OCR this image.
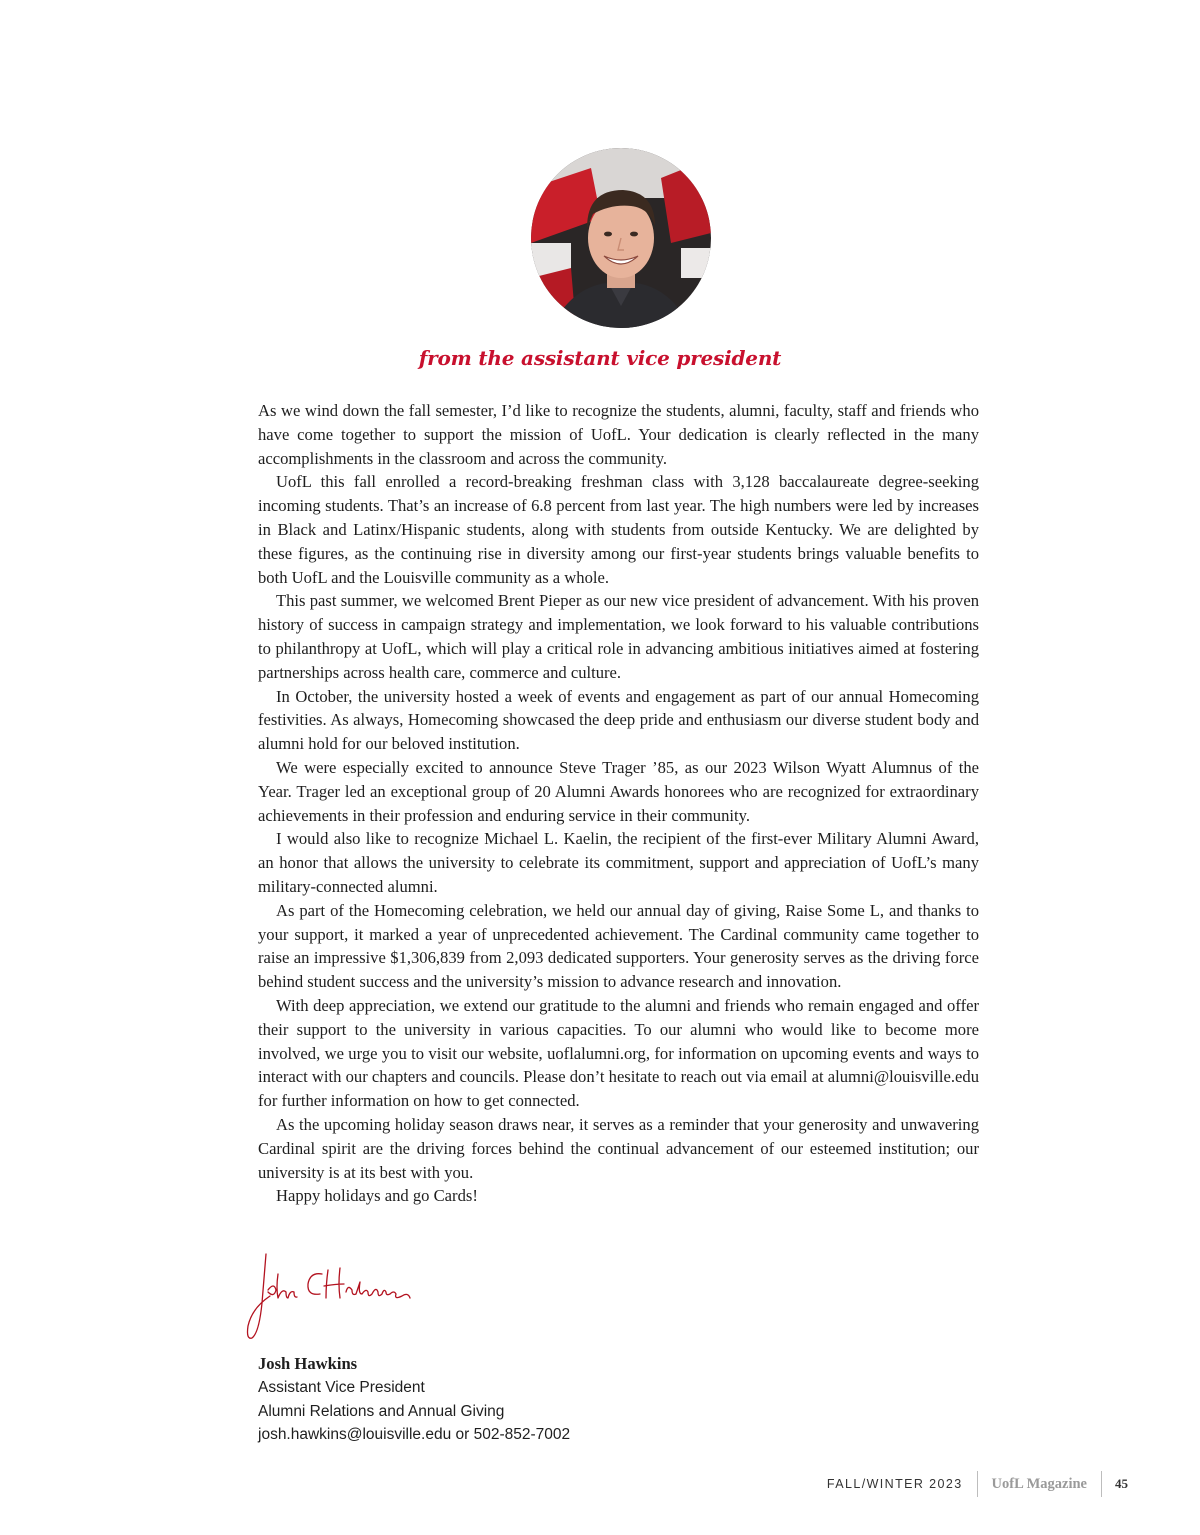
from the assistant vice president

As we wind down the fall semester, I’d like to recognize the students, alumni, faculty, staff and friends who have come together to support the mission of UofL. Your dedication is clearly reflected in the many accomplishments in the classroom and across the community.

UofL this fall enrolled a record-breaking freshman class with 3,128 baccalaureate degree-seeking incoming students. That’s an increase of 6.8 percent from last year. The high numbers were led by increases in Black and Latinx/Hispanic students, along with students from outside Kentucky. We are delighted by these figures, as the continuing rise in diversity among our first-year students brings valuable benefits to both UofL and the Louisville community as a whole.

This past summer, we welcomed Brent Pieper as our new vice president of advancement. With his proven history of success in campaign strategy and implementation, we look forward to his valuable contributions to philanthropy at UofL, which will play a critical role in advancing ambitious initiatives aimed at fostering partnerships across health care, commerce and culture.

In October, the university hosted a week of events and engagement as part of our annual Homecoming festivities. As always, Homecoming showcased the deep pride and enthusiasm our diverse student body and alumni hold for our beloved institution.

We were especially excited to announce Steve Trager ’85, as our 2023 Wilson Wyatt Alumnus of the Year. Trager led an exceptional group of 20 Alumni Awards honorees who are recognized for extraordinary achievements in their profession and enduring service in their community.

I would also like to recognize Michael L. Kaelin, the recipient of the first-ever Military Alumni Award, an honor that allows the university to celebrate its commitment, support and appreciation of UofL’s many military-connected alumni.

As part of the Homecoming celebration, we held our annual day of giving, Raise Some L, and thanks to your support, it marked a year of unprecedented achievement. The Cardinal community came together to raise an impressive $1,306,839 from 2,093 dedicated supporters. Your generosity serves as the driving force behind student success and the university’s mission to advance research and innovation.

With deep appreciation, we extend our gratitude to the alumni and friends who remain engaged and offer their support to the university in various capacities. To our alumni who would like to become more involved, we urge you to visit our website, uoflalumni.org, for information on upcoming events and ways to interact with our chapters and councils. Please don’t hesitate to reach out via email at alumni@louisville.edu for further information on how to get connected.

As the upcoming holiday season draws near, it serves as a reminder that your generosity and unwavering Cardinal spirit are the driving forces behind the continual advancement of our esteemed institution; our university is at its best with you.

Happy holidays and go Cards!

Josh Hawkins
Assistant Vice President
Alumni Relations and Annual Giving
josh.hawkins@louisville.edu or 502-852-7002
FALL/WINTER 2023	UofL Magazine	45
